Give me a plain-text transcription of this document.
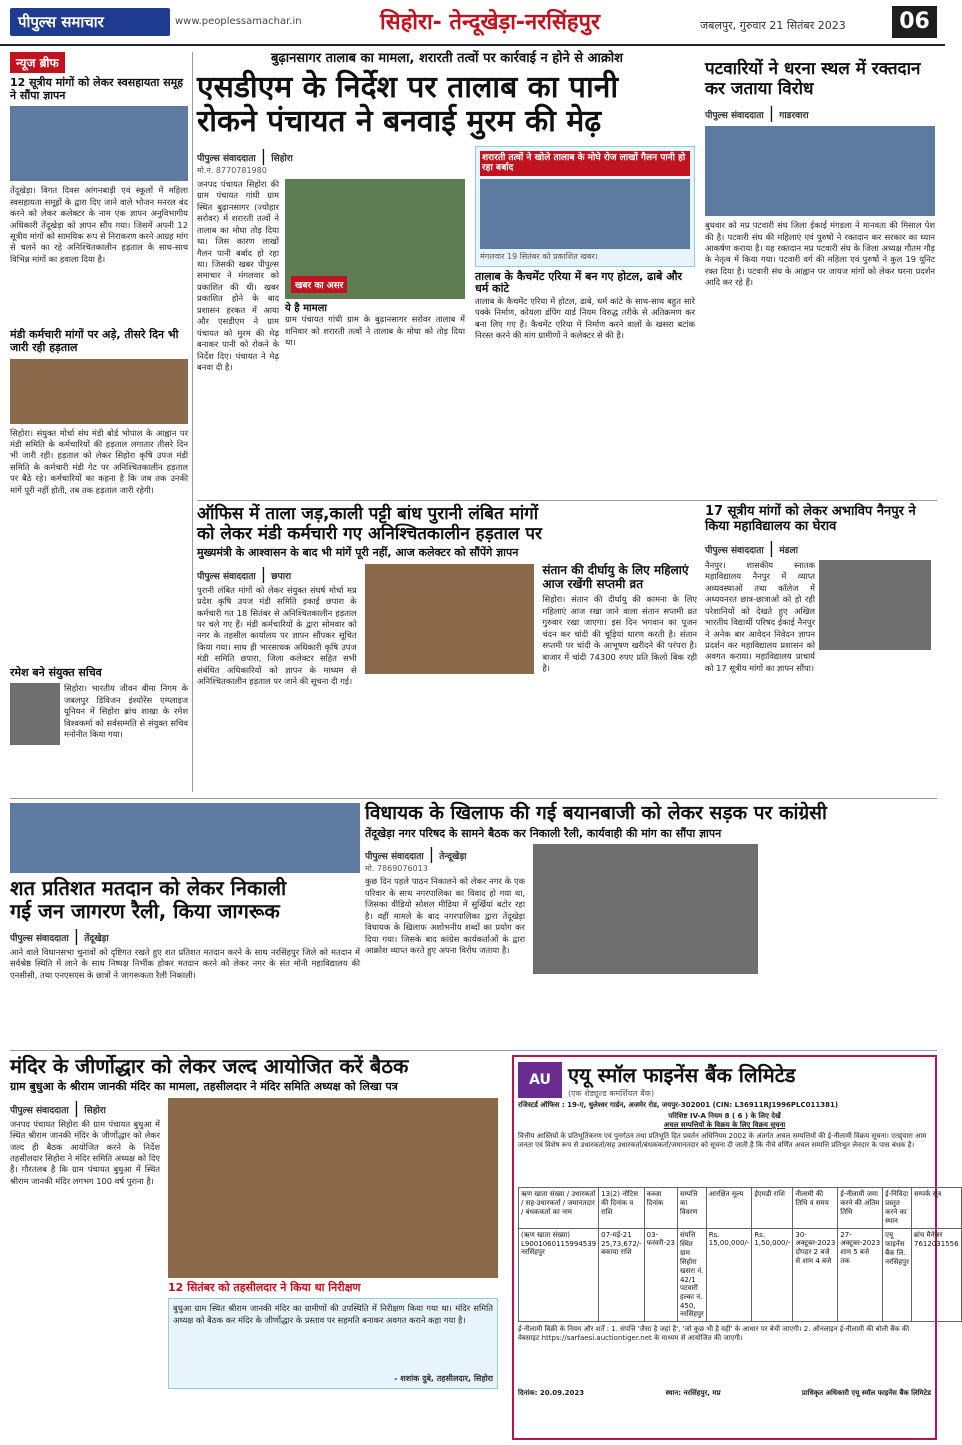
पीपुल्स समाचार	www.peoplessamachar.in	सिहोरा- तेन्दूखेड़ा-नरसिंहपुर	जबलपुर, गुरुवार 21 सितंबर 2023	06
न्यूज ब्रीफ
12 सूत्रीय मांगों को लेकर स्वसहायता समूह ने सौंपा ज्ञापन
तेंदूखेड़ा। विगत दिवस आंगनबाड़ी एवं स्कूलों में महिला स्वसहायता समूहों के द्वारा दिए जाने वाले भोजन मनरल बंद करने को लेकर कलेक्टर के नाम एक ज्ञापन अनुविभागीय अधिकारी तेंदूखेड़ा को ज्ञापन सौंप गया। जिसमें अपनी 12 सूत्रीय मांगों को सामयिक रूप से निराकरण करने आग्रह मांग से चलने का रहे अनिश्चितकालीन हड़ताल के साथ-साथ विभिन्न मांगों का हवाला दिया है।
मंडी कर्मचारी मांगों पर अड़े, तीसरे दिन भी जारी रही हड़ताल
सिहोरा। संयुक्त मोर्चा संघ मंडी बोर्ड भोपाल के आह्वान पर मंडी समिति के कर्मचारियों की हड़ताल लगातार तीसरे दिन भी जारी रही। हड़ताल को लेकर सिहोरा कृषि उपज मंडी समिति के कर्मचारी मंडी गेट पर अनिश्चितकालीन हड़ताल पर बैठे रहे। कर्मचारियों का कहना है कि जब तक उनकी मांगें पूरी नहीं होती, तब तक हड़ताल जारी रहेगी।
रमेश बने संयुक्त सचिव
सिहोरा। भारतीय जीवन बीमा निगम के जबलपुर डिविजन इंश्योरेंस एम्प्लाइज यूनियन में सिहोरा ब्रांच शाखा के रमेश विश्वकर्मा को सर्वसम्मति से संयुक्त सचिव मनोनीत किया गया।
बुढ़ानसागर तालाब का मामला, शरारती तत्वों पर कार्रवाई न होने से आक्रोश
एसडीएम के निर्देश पर तालाब का पानी
रोकने पंचायत ने बनवाई मुरम की मेढ़
पीपुल्स संवाददाता | सिहोरा
मो.नं. 8770781980
जनपद पंचायत सिहोरा की ग्राम पंचायत गांधी ग्राम स्थित बुढ़ानसागर (ज्योहार सरोवर) में शरारती तत्वों ने तालाब का मोघा तोड़ दिया था। जिस कारण लाखों गैलन पानी बर्बाद हो रहा था। जिसकी खबर पीपुल्स समाचार ने मंगलवार को प्रकाशित की थी। खबर प्रकाशित होने के बाद प्रशासन हरकत में आया और एसडीएम ने ग्राम पंचायत को मुरम की मेढ़ बनाकर पानी को रोकने के निर्देश दिए। पंचायत ने मेढ़ बनवा दी है।
खबर का असर
ये है मामला
ग्राम पंचायत गांधी ग्राम के बुढ़ानसागर सरोवर तालाब में शनिवार को शरारती तत्वों ने तालाब के मोघा को तोड़ दिया था।
शरारती तत्वों ने खोले तालाब के मोघे रोज लाखों गैलन पानी हो रहा बर्बाद
मंगलवार 19 सितंबर को प्रकाशित खबर।
तालाब के कैचमेंट एरिया में बन गए होटल, ढाबे और धर्म कांटे
तालाब के कैचमेंट एरिया में होटल, ढाबे, धर्म कांटे के साथ-साथ बहुत सारे पक्के निर्माण, कोयला डंपिंग यार्ड नियम विरुद्ध तरीके से अतिक्रमण कर बना लिए गए हैं। कैचमेंट एरिया में निर्माण करने वालों के खसरा बटांक निरस्त करने की मांग ग्रामीणों ने कलेक्टर से की है।
पटवारियों ने धरना स्थल में रक्तदान कर जताया विरोध
पीपुल्स संवाददाता | गाडरवारा
बुधवार को मप्र पटवारी संघ जिला ईकाई मंगडला ने मानवता की मिसाल पेश की है। पटवारी संघ की महिलाएं एवं पुरुषों ने रक्तदान कर सरकार का ध्यान आकर्षण कराया है। यह रक्तदान मप्र पटवारी संघ के जिला अध्यक्ष गौतम गौड़ के नेतृत्व में किया गया। पटवारी वर्ग की महिला एवं पुरुषों ने कुल 19 यूनिट रक्त दिया है। पटवारी संघ के आह्वान पर जायज मांगों को लेकर धरना प्रदर्शन आदि कर रहे हैं।
ऑफिस में ताला जड़,काली पट्टी बांध पुरानी लंबित मांगों
को लेकर मंडी कर्मचारी गए अनिश्चितकालीन हड़ताल पर
मुख्यमंत्री के आश्वासन के बाद भी मांगें पूरी नहीं, आज कलेक्टर को सौंपेंगे ज्ञापन
पीपुल्स संवाददाता | छपारा
पुरानी लंबित मांगों को लेकर संयुक्त संघर्ष मोर्चा मप्र प्रदेश कृषि उपज मंडी समिति इकाई छपारा के कर्मचारी गत 18 सितंबर से अनिश्चितकालीन हड़ताल पर चले गए हैं। मंडी कर्मचारियों के द्वारा सोमवार को नगर के तहसील कार्यालय पर ज्ञापन सौंपकर सूचित किया गया। साथ ही भारसाधक अधिकारी कृषि उपज मंडी समिति छपारा, जिला कलेक्टर सहित सभी संबंधित अधिकारियों को ज्ञापन के माध्यम से अनिश्चितकालीन हड़ताल पर जाने की सूचना दी गई।
संतान की दीर्घायु के लिए महिलाएं आज रखेंगी सप्तमी व्रत
सिहोरा। संतान की दीर्घायु की कामना के लिए महिलाएं आज रखा जाने वाला संतान सप्तमी व्रत गुरुवार रखा जाएगा। इस दिन भगवान का पूजन चंदन कर चांदी की चूड़ियां धारण करती है। संतान सप्तमी पर चांदी के आभूषण खरीदने की परंपरा है। बाजार में चांदी 74300 रुपए प्रति किलो बिक रही है।
17 सूत्रीय मांगों को लेकर अभाविप नैनपुर ने किया महाविद्यालय का घेराव
पीपुल्स संवाददाता | मंडला
नैनपुर। शासकीय स्नातक महाविद्यालय नैनपुर में व्याप्त अव्यवस्थाओं तथा कॉलेज में अध्ययनरत छात्र-छात्राओं को हो रही परेशानियों को देखते हुए अखिल भारतीय विद्यार्थी परिषद ईकाई नैनपुर ने अनेक बार आवेदन निवेदन ज्ञापन प्रदर्शन कर महाविद्यालय प्रशासन को अवगत कराया। महाविद्यालय प्राचार्य को 17 सूत्रीय मांगों का ज्ञापन सौंपा।
शत प्रतिशत मतदान को लेकर निकाली
गई जन जागरण रैली, किया जागरूक
पीपुल्स संवाददाता | तेंदूखेड़ा
आने वाले विधानसभा चुनावों को दृष्टिगत रखते हुए शत प्रतिशत मतदान करने के साथ नरसिंहपुर जिले को मतदान में सर्वश्रेष्ठ स्थिति में लाने के साथ निष्पक्ष निर्भीक होकर मतदान करने को लेकर नगर के संत मोनी महाविद्यालय की एनसीसी, तथा एनएसएस के छात्रों ने जागरूकता रैली निकाली।
विधायक के खिलाफ की गई बयानबाजी को लेकर सड़क पर कांग्रेसी
तेंदूखेड़ा नगर परिषद के सामने बैठक कर निकाली रैली, कार्यवाही की मांग का सौंपा ज्ञापन
पीपुल्स संवाददाता | तेन्दूखेड़ा
मो. 7869076013
कुछ दिन पहले पाठन निकालने को लेकर नगर के एक परिवार के साथ नगरपालिका का विवाद हो गया था, जिसका वीडियो सोशल मीडिया में सुर्खियां बटोर रहा है। वहीं मामले के बाद नगरपालिका द्वारा तेंदूखेड़ा विधायक के खिलाफ अशोभनीय शब्दों का प्रयोग कर दिया गया। जिसके बाद कांग्रेस कार्यकर्ताओं के द्वारा आक्रोश व्याप्त करते हुए अपना विरोध जताया है।
मंदिर के जीर्णोद्धार को लेकर जल्द आयोजित करें बैठक
ग्राम बुधुआ के श्रीराम जानकी मंदिर का मामला, तहसीलदार ने मंदिर समिति अध्यक्ष को लिखा पत्र
पीपुल्स संवाददाता | सिहोरा
जनपद पंचायत सिहोरा की ग्राम पंचायत बुधुआ में स्थित श्रीराम जानकी मंदिर के जीर्णोद्धार को लेकर जल्द ही बैठक आयोजित करने के निर्देश तहसीलदार सिहोरा ने मंदिर समिति अध्यक्ष को दिए हैं। गौरतलब है कि ग्राम पंचायत बुधुआ में स्थित श्रीराम जानकी मंदिर लगभग 100 वर्ष पुराना है।
12 सितंबर को तहसीलदार ने किया था निरीक्षण
बुधुआ ग्राम स्थित श्रीराम जानकी मंदिर का ग्रामीणों की उपस्थिति में निरीक्षण किया गया था। मंदिर समिति अध्यक्ष को बैठक कर मंदिर के जीर्णोद्धार के प्रस्ताव पर सहमति बनाकर अवगत कराने कहा गया है।
- शशांक दुबे, तहसीलदार, सिहोरा
AU एयू स्मॉल फाइनेंस बैंक लिमिटेड
(एक शेड्यूल्ड कमर्शियल बैंक)
रजिस्टर्ड ऑफिस : 19-ए, धुलेश्वर गार्डन, अजमेर रोड, जयपुर-302001 (CIN: L36911RJ1996PLC011381)
परिशिष्ट IV-A नियम 8 ( 6 ) के लिए देखें
अचल सम्पत्तियों के विक्रय के लिए विक्रय सूचना
वित्तीय आस्तियों के प्रतिभूतिकरण एवं पुनर्गठन तथा प्रतिभूति हित प्रवर्तन अधिनियम 2002 के अंतर्गत अचल सम्पत्तियों की ई-नीलामी विक्रय सूचना। एतद्द्वारा आम जनता एवं विशेष रूप से उधारकर्ता/सह उधारकर्ता/बंधककर्ता/जमानतदार को सूचना दी जाती है कि नीचे वर्णित अचल सम्पत्ति प्रतिभूत लेनदार के पास बंधक है।
ऋण खाता संख्या / उधारकर्ता / सह-उधारकर्ता / जमानतदार / बंधककर्ता का नाम	13(2) नोटिस की दिनांक व राशि	कब्जा दिनांक	सम्पत्ति का विवरण	आरक्षित मूल्य	ईएमडी राशि	नीलामी की तिथि व समय	ई-नीलामी जमा करने की अंतिम तिथि	ई-निविदा प्रस्तुत करने का स्थान	सम्पर्क सूत्र
(ऋण खाता संख्या) L9001060115994539 नरसिंहपुर	07-मई-21 25,73,672/- बकाया राशि	03-फरवरी-23	संपत्ति स्थित ग्राम सिहोरा खसरा नं. 42/1 पटवारी हल्का नं. 450, नरसिंहपुर	Rs. 15,00,000/-	Rs. 1,50,000/-	30-अक्टूबर-2023 दोपहर 2 बजे से शाम 4 बजे	27-अक्टूबर-2023 शाम 5 बजे तक	एयू फाइनेंस बैंक लि. नरसिंहपुर	ब्रांच मैनेजर 7612031556
ई-नीलामी बिक्री के नियम और शर्तें : 1. संपत्ति 'जैसा है जहां है', 'जो कुछ भी है वहीं' के आधार पर बेची जाएगी। 2. ऑनलाइन ई-नीलामी की बोली बैंक की वेबसाइट https://sarfaesi.auctiontiger.net के माध्यम से आयोजित की जाएगी।
दिनांक: 20.09.2023	स्थान: नरसिंहपुर, मप्र	प्राधिकृत अधिकारी एयू स्मॉल फाइनेंस बैंक लिमिटेड
